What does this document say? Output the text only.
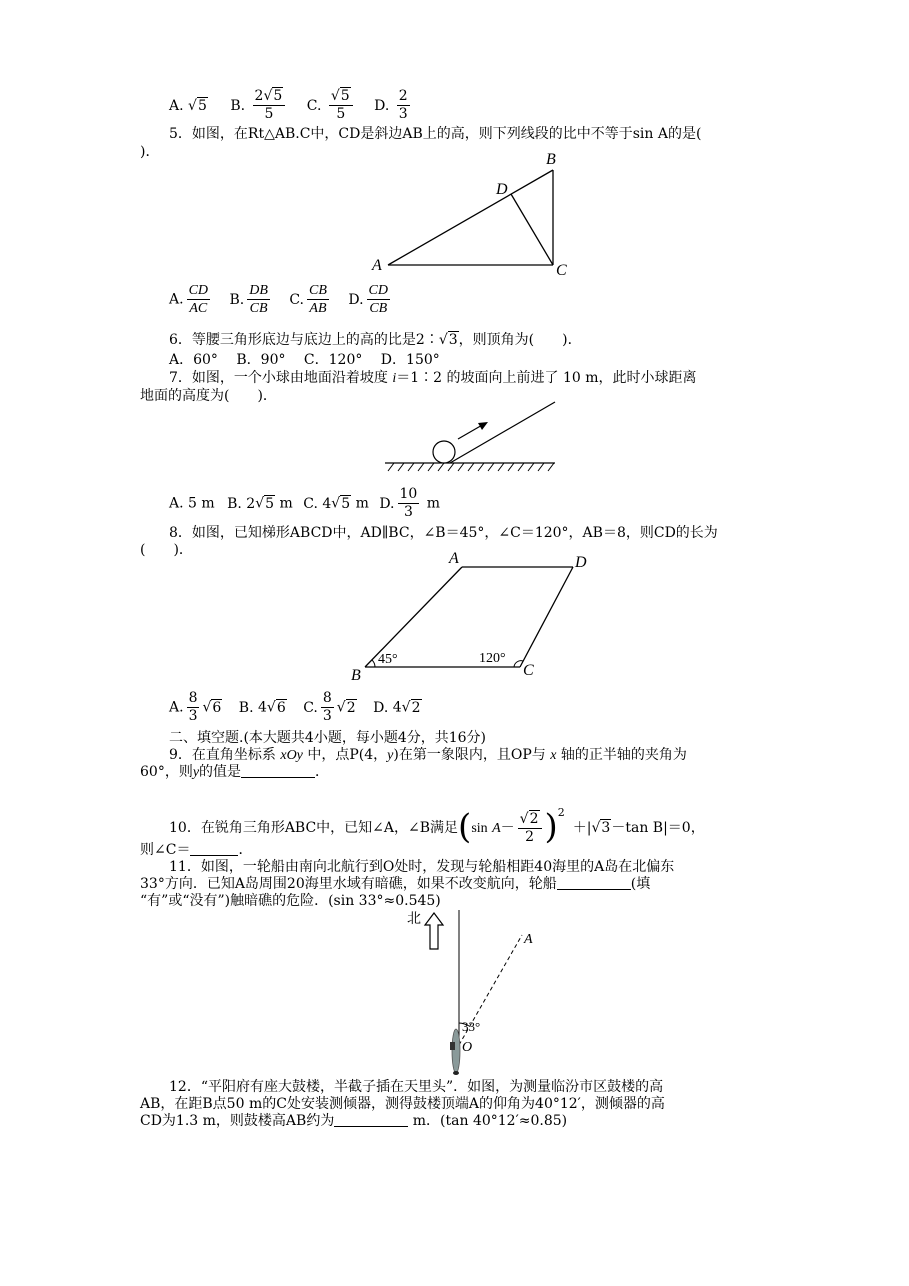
A. √5 B. $\frac{2√5}{5} C$. $\frac{√5}{5} D$. $\frac{2}{3}$
5．如图，在Rt△AB.C中，CD是斜边AB上的高，则下列线段的比中不等于sin A的是(
)．
A
B
C
D
A. $\frac{CD}{AC} B$. $\frac{DB}{CB} C$. $\frac{CB}{AB} D$. $\frac{CD}{CB}$
6．等腰三角形底边与底边上的高的比是2∶√3，则顶角为(　　)．
A．60°　 B．90°　 C．120°　 D．150°
7．如图，一个小球由地面沿着坡度 i＝1∶2 的坡面向上前进了 10 m，此时小球距离
地面的高度为(　　)．
A. 5 m B. 2√5 m C. 4√5 m D. $\frac{10}{3}$ m
8．如图，已知梯形ABCD中，AD∥BC，∠B＝45°，∠C＝120°，AB＝8，则CD的长为
(　　)．	A	D
B	C
45°	120°
A. $\frac{8}{3} √6$ B. 4√6 C. $\frac{8}{3} √2$ D. 4√2
二、填空题.(本大题共4小题，每小题4分，共16分)
9．在直角坐标系 xOy 中，点P(4，y)在第一象限内，且OP与 x 轴的正半轴的夹角为
60°，则y的值是	．
10．在锐角三角形ABC中，已知∠A，∠B满足(sin $A- \frac{√2}{2} )^2+|√3-\tan$ B|＝0，
则∠C＝	．
11．如图，一轮船由南向北航行到O处时，发现与轮船相距40海里的A岛在北偏东
33°方向．已知A岛周围20海里水域有暗礁，如果不改变航向，轮船	(填
“有”或“没有”)触暗礁的危险．(sin 33°≈0.545)
北
A
33°
O
12．“平阳府有座大鼓楼，半截子插在天里头”．如图，为测量临汾市区鼓楼的高
AB，在距B点50 m的C处安装测倾器，测得鼓楼顶端A的仰角为40°12′，测倾器的高
CD为1.3 m，则鼓楼高AB约为	m．(tan 40°12′≈0.85)
